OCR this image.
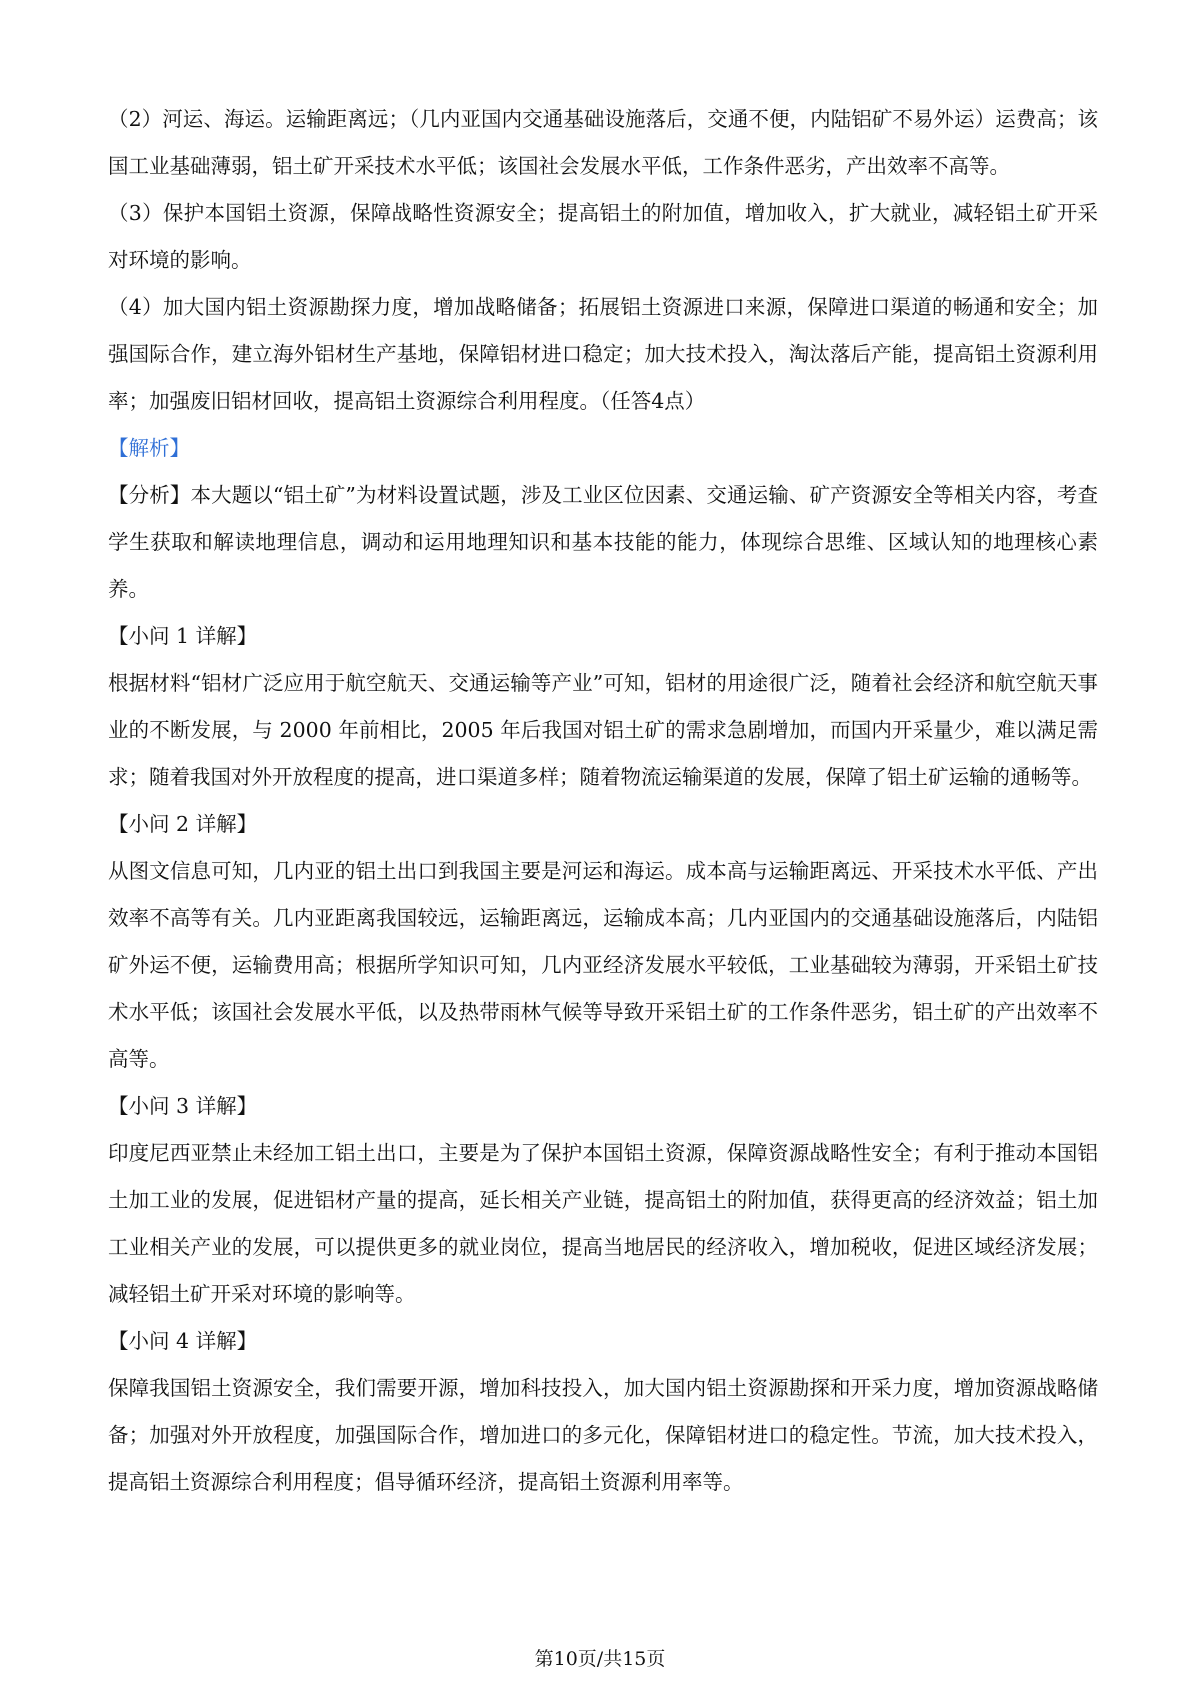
（2）河运、海运。运输距离远；（几内亚国内交通基础设施落后，交通不便，内陆铝矿不易外运）运费高；该国工业基础薄弱，铝土矿开采技术水平低；该国社会发展水平低，工作条件恶劣，产出效率不高等。

（3）保护本国铝土资源，保障战略性资源安全；提高铝土的附加值，增加收入，扩大就业，减轻铝土矿开采对环境的影响。

（4）加大国内铝土资源勘探力度，增加战略储备；拓展铝土资源进口来源，保障进口渠道的畅通和安全；加强国际合作，建立海外铝材生产基地，保障铝材进口稳定；加大技术投入，淘汰落后产能，提高铝土资源利用率；加强废旧铝材回收，提高铝土资源综合利用程度。（任答4点）

【解析】

【分析】本大题以“铝土矿”为材料设置试题，涉及工业区位因素、交通运输、矿产资源安全等相关内容，考查学生获取和解读地理信息，调动和运用地理知识和基本技能的能力，体现综合思维、区域认知的地理核心素养。

【小问 1 详解】

根据材料“铝材广泛应用于航空航天、交通运输等产业”可知，铝材的用途很广泛，随着社会经济和航空航天事业的不断发展，与 2000 年前相比，2005 年后我国对铝土矿的需求急剧增加，而国内开采量少，难以满足需求；随着我国对外开放程度的提高，进口渠道多样；随着物流运输渠道的发展，保障了铝土矿运输的通畅等。

【小问 2 详解】

从图文信息可知，几内亚的铝土出口到我国主要是河运和海运。成本高与运输距离远、开采技术水平低、产出效率不高等有关。几内亚距离我国较远，运输距离远，运输成本高；几内亚国内的交通基础设施落后，内陆铝矿外运不便，运输费用高；根据所学知识可知，几内亚经济发展水平较低，工业基础较为薄弱，开采铝土矿技术水平低；该国社会发展水平低，以及热带雨林气候等导致开采铝土矿的工作条件恶劣，铝土矿的产出效率不高等。

【小问 3 详解】

印度尼西亚禁止未经加工铝土出口，主要是为了保护本国铝土资源，保障资源战略性安全；有利于推动本国铝土加工业的发展，促进铝材产量的提高，延长相关产业链，提高铝土的附加值，获得更高的经济效益；铝土加工业相关产业的发展，可以提供更多的就业岗位，提高当地居民的经济收入，增加税收，促进区域经济发展；减轻铝土矿开采对环境的影响等。

【小问 4 详解】

保障我国铝土资源安全，我们需要开源，增加科技投入，加大国内铝土资源勘探和开采力度，增加资源战略储备；加强对外开放程度，加强国际合作，增加进口的多元化，保障铝材进口的稳定性。节流，加大技术投入，提高铝土资源综合利用程度；倡导循环经济，提高铝土资源利用率等。

第10页/共15页
